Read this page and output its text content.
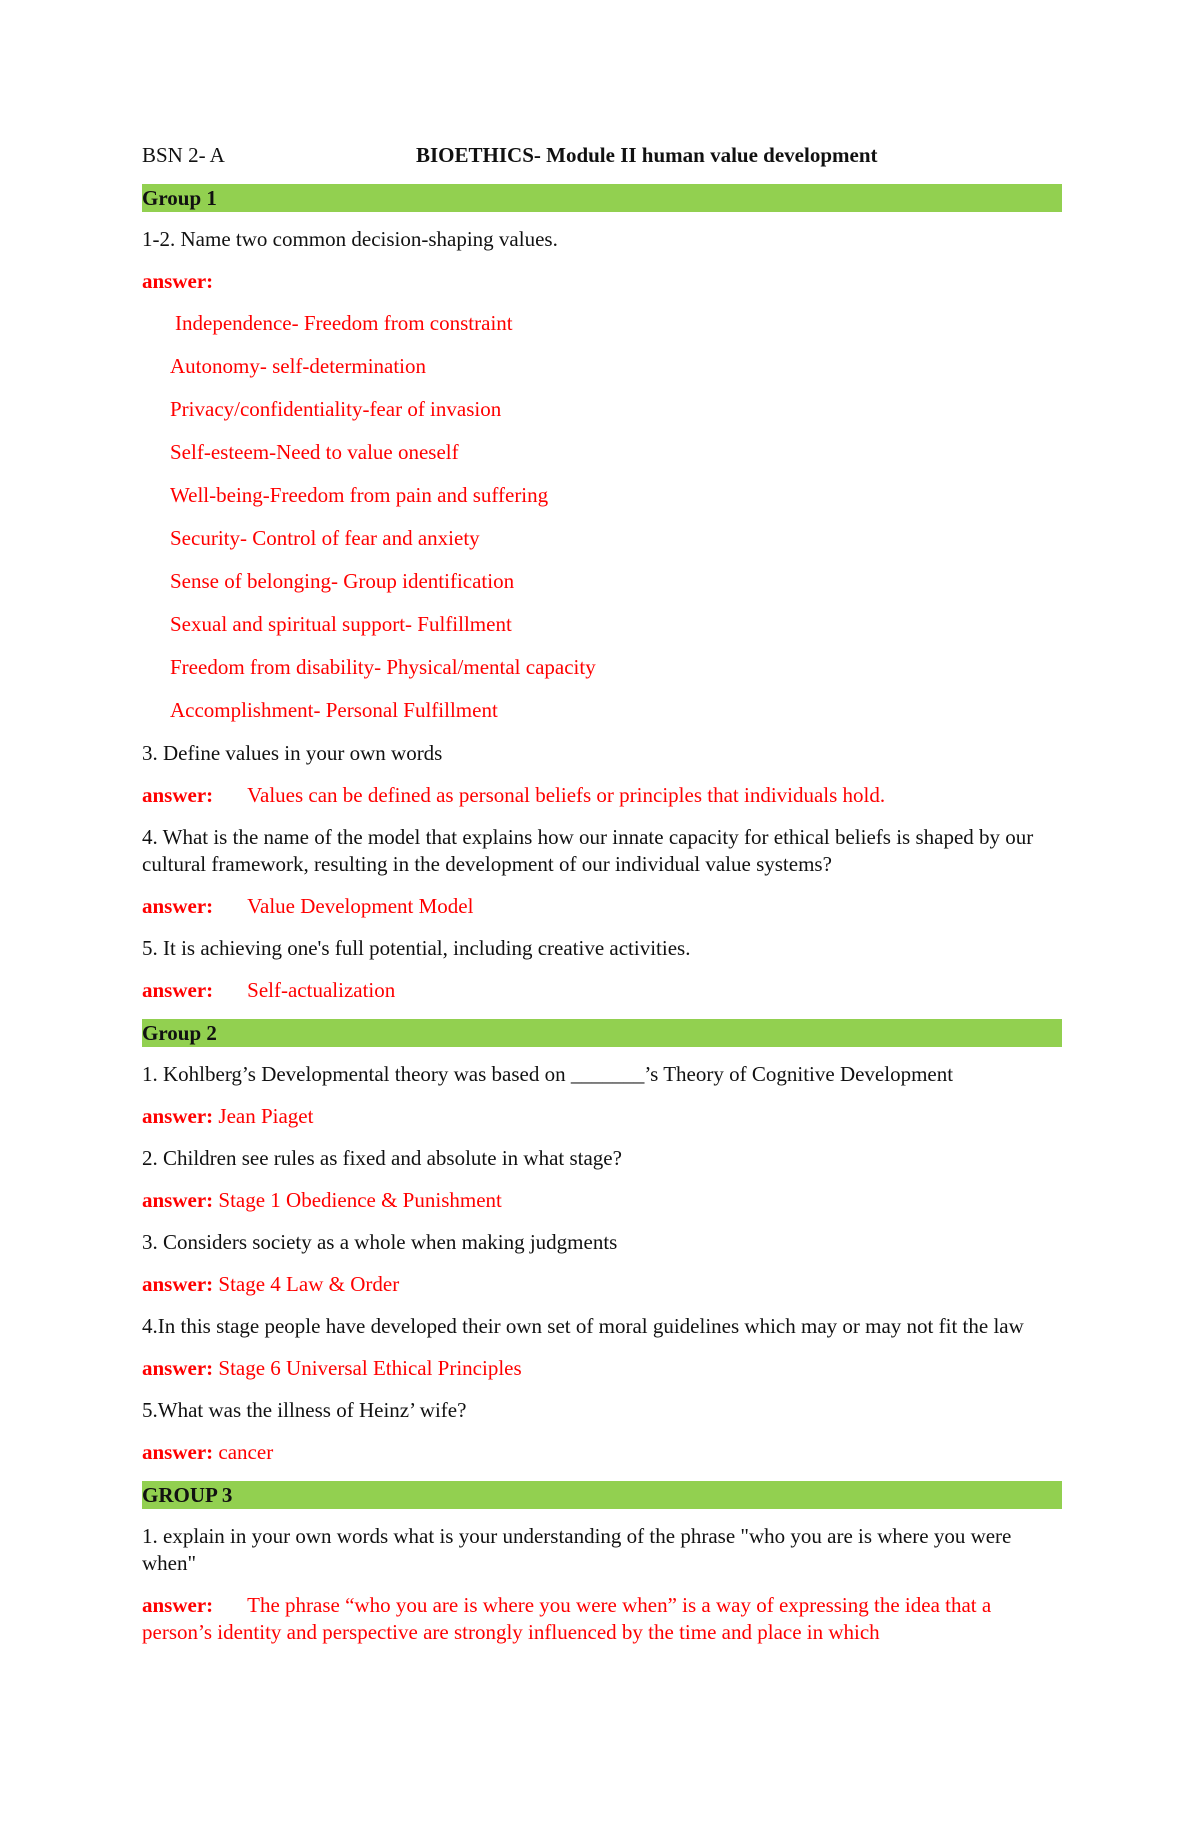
BSN 2- A	BIOETHICS- Module II human value development
Group 1
1-2. Name two common decision-shaping values.
answer:
Independence- Freedom from constraint
Autonomy- self-determination
Privacy/confidentiality-fear of invasion
Self-esteem-Need to value oneself
Well-being-Freedom from pain and suffering
Security- Control of fear and anxiety
Sense of belonging- Group identification
Sexual and spiritual support- Fulfillment
Freedom from disability- Physical/mental capacity
Accomplishment- Personal Fulfillment
3. Define values in your own words
answer: Values can be defined as personal beliefs or principles that individuals hold.
4. What is the name of the model that explains how our innate capacity for ethical beliefs is shaped by our cultural framework, resulting in the development of our individual value systems?
answer: Value Development Model
5. It is achieving one's full potential, including creative activities.
answer: Self-actualization
Group 2
1. Kohlberg’s Developmental theory was based on _______’s Theory of Cognitive Development
answer: Jean Piaget
2. Children see rules as fixed and absolute in what stage?
answer: Stage 1 Obedience & Punishment
3. Considers society as a whole when making judgments
answer: Stage 4 Law & Order
4.In this stage people have developed their own set of moral guidelines which may or may not fit the law
answer: Stage 6 Universal Ethical Principles
5.What was the illness of Heinz’ wife?
answer: cancer
GROUP 3
1. explain in your own words what is your understanding of the phrase "who you are is where you were when"
answer: The phrase “who you are is where you were when” is a way of expressing the idea that a person’s identity and perspective are strongly influenced by the time and place in which
